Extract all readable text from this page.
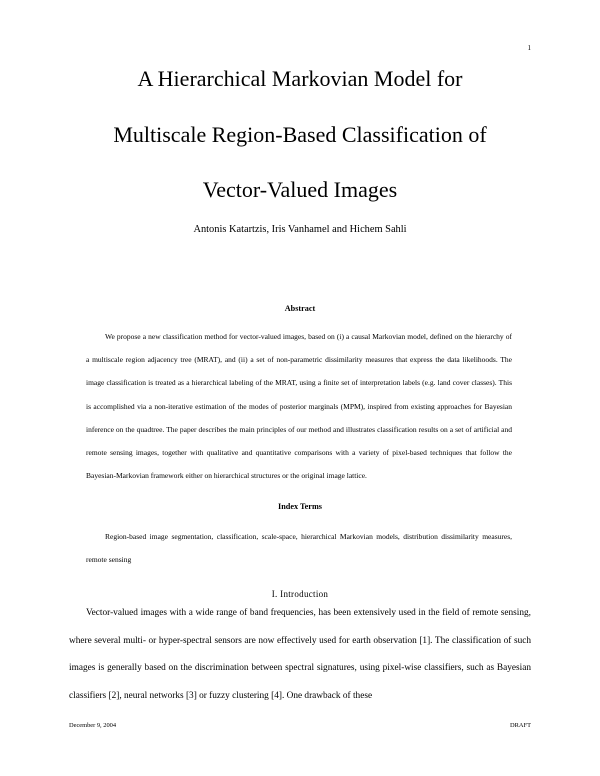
1
A Hierarchical Markovian Model for
Multiscale Region-Based Classification of
Vector-Valued Images
Antonis Katartzis, Iris Vanhamel and Hichem Sahli
Abstract

We propose a new classification method for vector-valued images, based on (i) a causal Markovian model, defined on the hierarchy of a multiscale region adjacency tree (MRAT), and (ii) a set of non-parametric dissimilarity measures that express the data likelihoods. The image classification is treated as a hierarchical labeling of the MRAT, using a finite set of interpretation labels (e.g. land cover classes). This is accomplished via a non-iterative estimation of the modes of posterior marginals (MPM), inspired from existing approaches for Bayesian inference on the quadtree. The paper describes the main principles of our method and illustrates classification results on a set of artificial and remote sensing images, together with qualitative and quantitative comparisons with a variety of pixel-based techniques that follow the Bayesian-Markovian framework either on hierarchical structures or the original image lattice.

Index Terms

Region-based image segmentation, classification, scale-space, hierarchical Markovian models, distribution dissimilarity measures, remote sensing

I. Introduction

Vector-valued images with a wide range of band frequencies, has been extensively used in the field of remote sensing, where several multi- or hyper-spectral sensors are now effectively used for earth observation [1]. The classification of such images is generally based on the discrimination between spectral signatures, using pixel-wise classifiers, such as Bayesian classifiers [2], neural networks [3] or fuzzy clustering [4]. One drawback of these

December 9, 2004	DRAFT
